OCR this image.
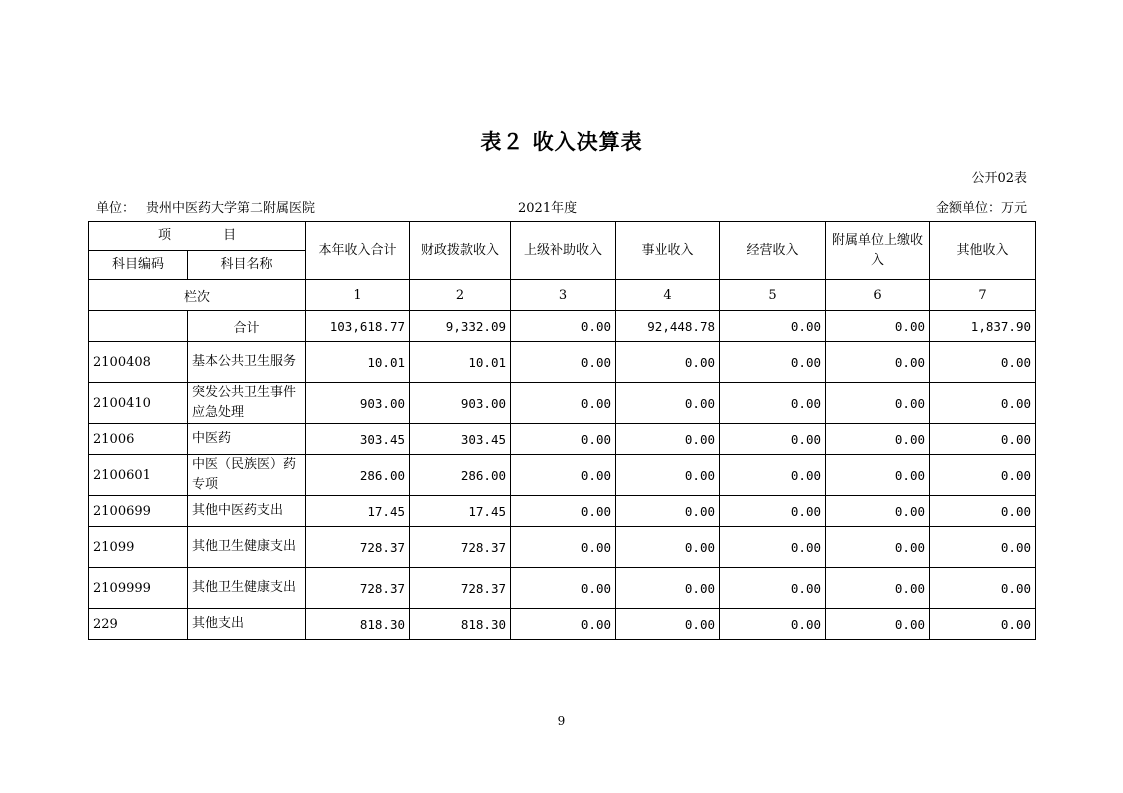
表２ 收入决算表
公开02表
单位： 贵州中医药大学第二附属医院	2021年度	金额单位：万元
项 目		本年收入合计	财政拨款收入	上级补助收入	事业收入	经营收入	附属单位上缴收入	其他收入
科目编码	科目名称							
栏次		1	2	3	4	5	6	7
	合计	103,618.77	9,332.09	0.00	92,448.78	0.00	0.00	1,837.90
2100408	基本公共卫生服务	10.01	10.01	0.00	0.00	0.00	0.00	0.00
2100410	突发公共卫生事件应急处理	903.00	903.00	0.00	0.00	0.00	0.00	0.00
21006	中医药	303.45	303.45	0.00	0.00	0.00	0.00	0.00
2100601	中医（民族医）药专项	286.00	286.00	0.00	0.00	0.00	0.00	0.00
2100699	其他中医药支出	17.45	17.45	0.00	0.00	0.00	0.00	0.00
21099	其他卫生健康支出	728.37	728.37	0.00	0.00	0.00	0.00	0.00
2109999	其他卫生健康支出	728.37	728.37	0.00	0.00	0.00	0.00	0.00
229	其他支出	818.30	818.30	0.00	0.00	0.00	0.00	0.00
9
